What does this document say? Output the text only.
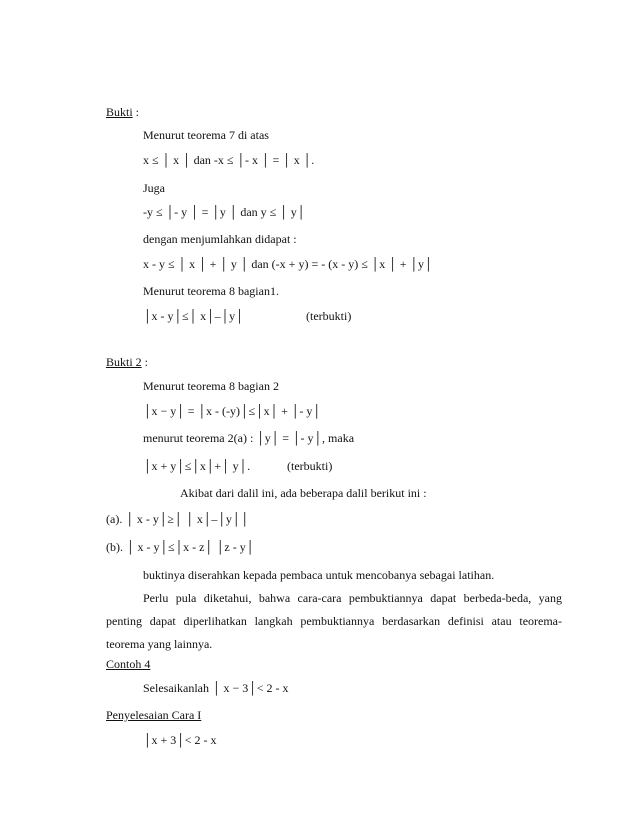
Bukti :
Menurut teorema 7 di atas
x ≤ │ x │ dan -x ≤ │- x │ = │ x │.
Juga
-y ≤ │- y │ = │y │ dan y ≤ │ y│
dengan menjumlahkan didapat :
x - y ≤ │ x │ + │ y │ dan (-x + y) = - (x - y) ≤ │x │ + │y│
Menurut teorema 8 bagian1.
│x - y│≤│ x│–│y│	(terbukti)
Bukti 2 :
Menurut teorema 8 bagian 2
│x − y│ = │x - (-y)│≤│x│ + │- y│
menurut teorema 2(a) : │y│ = │- y│, maka
│x + y│≤│x│+│ y│.	(terbukti)
Akibat dari dalil ini, ada beberapa dalil berikut ini :
(a). │ x - y│≥│ │ x│–│y││
(b). │ x - y│≤│x - z│ │z - y│
buktinya diserahkan kepada pembaca untuk mencobanya sebagai latihan.
Perlu pula diketahui, bahwa cara-cara pembuktiannya dapat berbeda-beda, yang
penting dapat diperlihatkan langkah pembuktiannya berdasarkan definisi atau teorema-
teorema yang lainnya.
Contoh 4
Selesaikanlah │ x − 3│< 2 - x
Penyelesaian Cara I
│x + 3│< 2 - x
